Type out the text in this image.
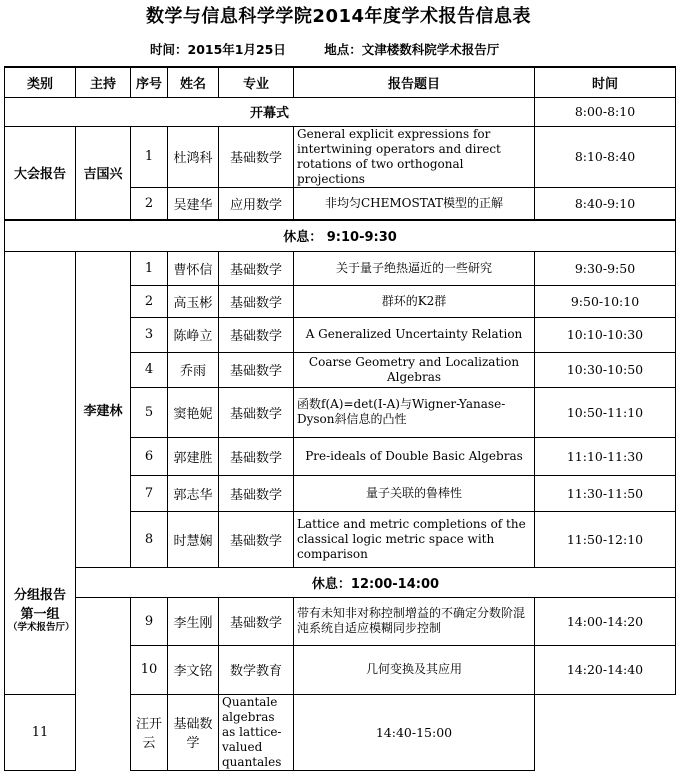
数学与信息科学学院2014年度学术报告信息表
时间：2015年1月25日	地点：文津楼数科院学术报告厅
类别	主持	序号	姓名	专业	报告题目	时间
开幕式						8:00-8:10
大会报告	吉国兴	1	杜鸿科	基础数学	General explicit expressions for intertwining operators and direct rotations of two orthogonal projections	8:10-8:40
		2	吴建华	应用数学	非均匀CHEMOSTAT模型的正解	8:40-9:10
休息： 9:10-9:30						
分组报告第一组
（学术报告厅）	李建林	1	曹怀信	基础数学	关于量子绝热逼近的一些研究	9:30-9:50
		2	高玉彬	基础数学	群环的K2群	9:50-10:10
		3	陈峥立	基础数学	A Generalized Uncertainty Relation	10:10-10:30
		4	乔雨	基础数学	Coarse Geometry and Localization Algebras	10:30-10:50
		5	窦艳妮	基础数学	函数f(A)=det(I-A)与Wigner-Yanase-Dyson斜信息的凸性	10:50-11:10
		6	郭建胜	基础数学	Pre-ideals of Double Basic Algebras	11:10-11:30
		7	郭志华	基础数学	量子关联的鲁棒性	11:30-11:50
		8	时慧娴	基础数学	Lattice and metric completions of the classical logic metric space with comparison	11:50-12:10
	休息：12:00-14:00					
		9	李生刚	基础数学	带有未知非对称控制增益的不确定分数阶混沌系统自适应模糊同步控制	14:00-14:20
		10	李文铭	数学教育	几何变换及其应用	14:20-14:40
11		汪开云	基础数学	Quantale algebras as lattice-valued quantales	14:40-15:00	
